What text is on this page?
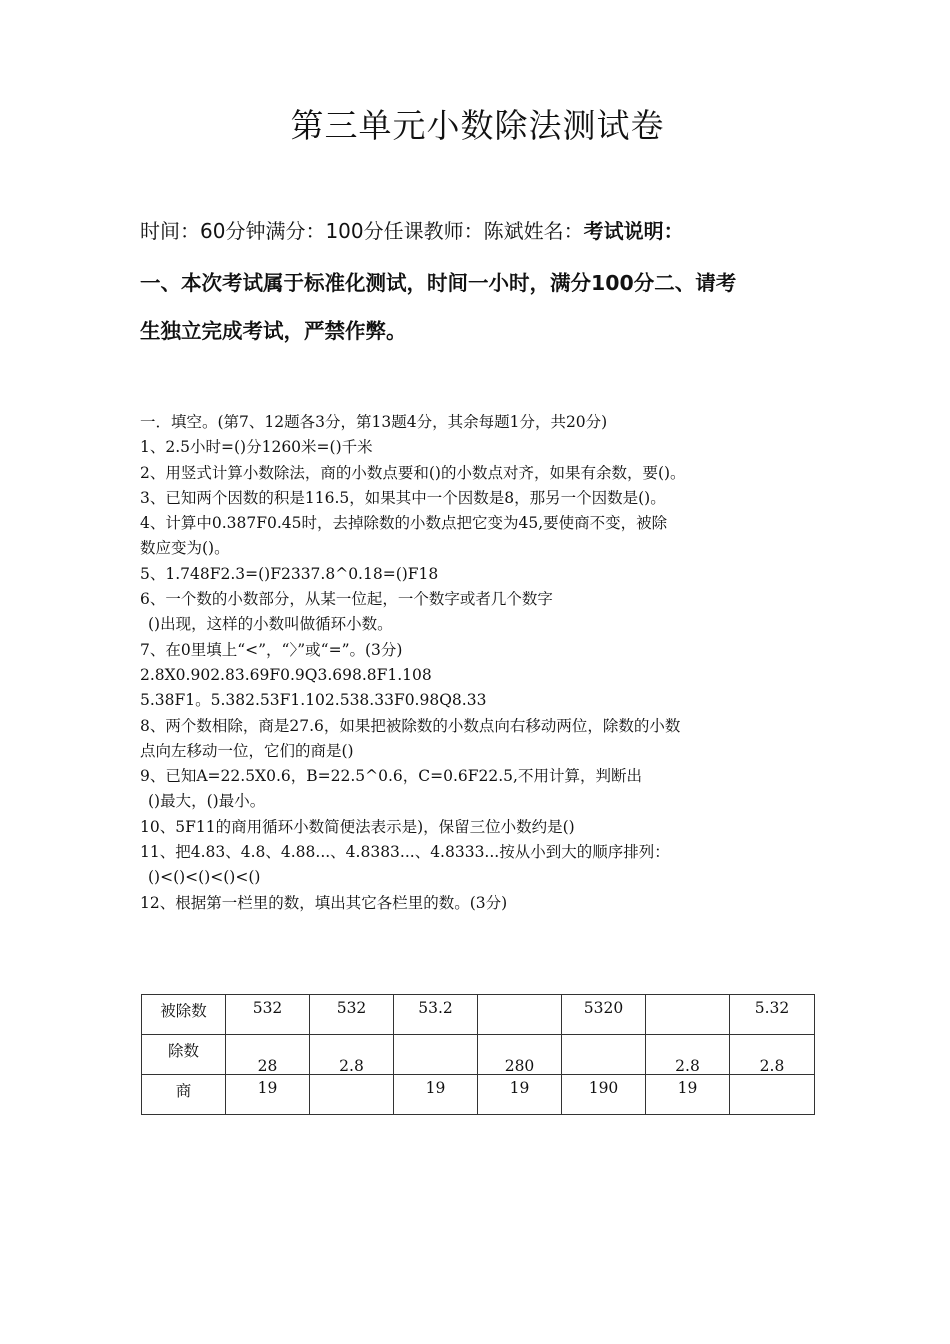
第三单元小数除法测试卷
时间：60分钟满分：100分任课教师：陈斌姓名：考试说明：
一、本次考试属于标准化测试，时间一小时，满分100分二、请考
生独立完成考试，严禁作弊。
一．填空。(第7、12题各3分，第13题4分，其余每题1分，共20分)
1、2.5小时=()分1260米=()千米
2、用竖式计算小数除法，商的小数点要和()的小数点对齐，如果有余数，要()。
3、已知两个因数的积是116.5，如果其中一个因数是8，那另一个因数是()。
4、计算中0.387F0.45时，去掉除数的小数点把它变为45,要使商不变，被除
数应变为()。
5、1.748F2.3=()F2337.8^0.18=()F18
6、一个数的小数部分，从某一位起，一个数字或者几个数字
()出现，这样的小数叫做循环小数。
7、在0里填上“<”，“〉”或“=”。(3分)
2.8X0.902.83.69F0.9Q3.698.8F1.108
5.38F1。5.382.53F1.102.538.33F0.98Q8.33
8、两个数相除，商是27.6，如果把被除数的小数点向右移动两位，除数的小数
点向左移动一位，它们的商是()
9、已知A=22.5X0.6，B=22.5^0.6，C=0.6F22.5,不用计算，判断出
()最大，()最小。
10、5F11的商用循环小数简便法表示是)，保留三位小数约是()
11、把4.83、4.8、4.88...、4.8383...、4.8333...按从小到大的顺序排列：
()<()<()<()<()
12、根据第一栏里的数，填出其它各栏里的数。(3分)
被除数	532	532	53.2		5320		5.32

除数	28	2.8		280		2.8	2.8

商	19		19	19	190	19	
